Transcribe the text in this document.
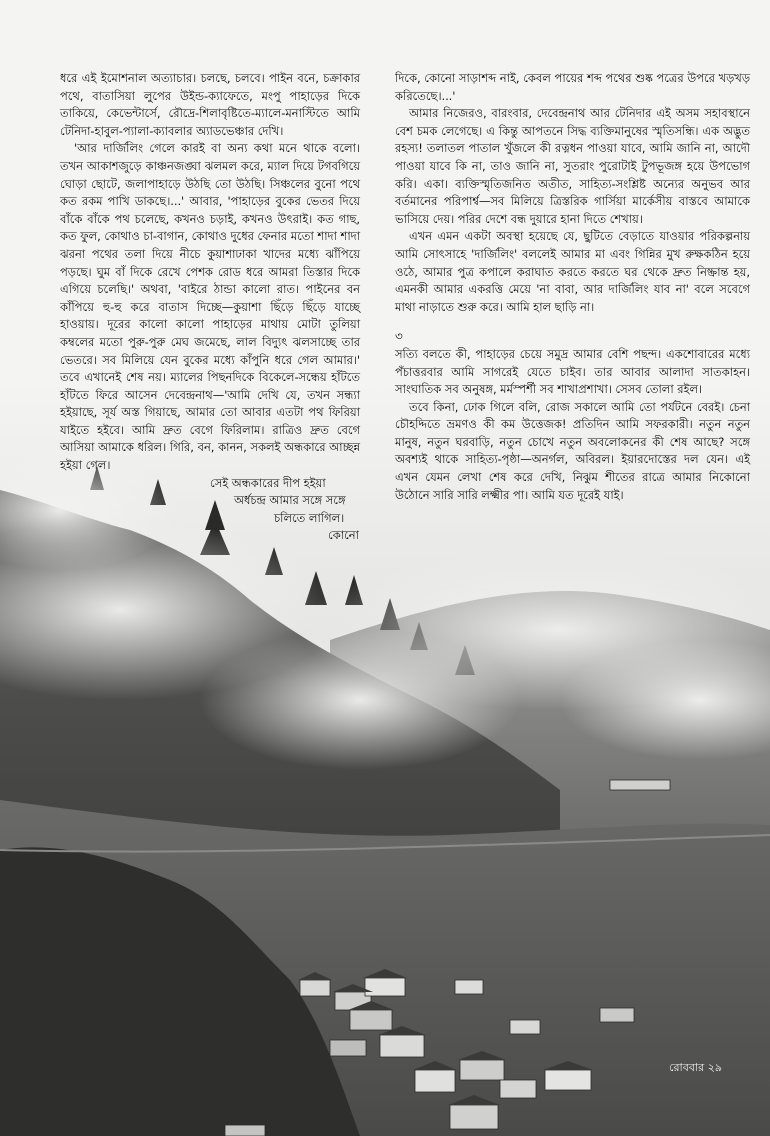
ধরে এই ইমোশনাল অত্যাচার। চলছে, চলবে। পাইন বনে, চক্রাকার পথে, বাতাসিয়া লুপের উইন্ড-ক্যাফেতে, মংপু পাহাড়ের দিকে তাকিয়ে, কেভেন্টার্সে, রৌদ্রে-শিলাবৃষ্টিতে-ম্যালে-মনাস্টিতে আমি টেনিদা-হাবুল-প্যালা-ক্যাবলার অ্যাডভেঞ্চার দেখি।

'আর দার্জিলিং গেলে কারই বা অন্য কথা মনে থাকে বলো। তখন আকাশজুড়ে কাঞ্চনজঙ্ঘা ঝলমল করে, ম্যাল দিয়ে টগবগিয়ে ঘোড়া ছোটে, জলাপাহাড়ে উঠছি তো উঠছি। সিঞ্চলের বুনো পথে কত রকম পাখি ডাকছে।...' আবার, 'পাহাড়ের বুকের ভেতর দিয়ে বাঁকে বাঁকে পথ চলেছে, কখনও চড়াই, কখনও উৎরাই। কত গাছ, কত ফুল, কোথাও চা-বাগান, কোথাও দুধের ফেনার মতো শাদা শাদা ঝরনা পথের তলা দিয়ে নীচে কুয়াশাঢাকা খাদের মধ্যে ঝাঁপিয়ে পড়ছে। ঘুম বাঁ দিকে রেখে পেশক রোড ধরে আমরা তিস্তার দিকে এগিয়ে চলেছি।' অথবা, 'বাইরে ঠান্ডা কালো রাত। পাইনের বন কাঁপিয়ে হু-হু করে বাতাস দিচ্ছে—কুয়াশা ছিঁড়ে ছিঁড়ে যাচ্ছে হাওয়ায়। দূরের কালো কালো পাহাড়ের মাথায় মোটা তুলিয়া কম্বলের মতো পুরু-পুরু মেঘ জমেছে, লাল বিদ্যুৎ ঝলসাচ্ছে তার ভেতরে। সব মিলিয়ে যেন বুকের মধ্যে কাঁপুনি ধরে গেল আমার।' তবে এখানেই শেষ নয়। ম্যালের পিছনদিকে বিকেলে-সন্ধেয় হাঁটতে হাঁটতে ফিরে আসেন দেবেন্দ্রনাথ—'আমি দেখি যে, তখন সন্ধ্যা হইয়াছে, সূর্য অস্ত গিয়াছে, আমার তো আবার এতটা পথ ফিরিয়া যাইতে হইবে। আমি দ্রুত বেগে ফিরিলাম। রাত্রিও দ্রুত বেগে আসিয়া আমাকে ধরিল। গিরি, বন, কানন, সকলই অন্ধকারে আচ্ছন্ন হইয়া গেল।

সেই অন্ধকারের দীপ হইয়া
অর্ধচন্দ্র আমার সঙ্গে সঙ্গে
চলিতে লাগিল।
কোনো

দিকে, কোনো সাড়াশব্দ নাই, কেবল পায়ের শব্দ পথের শুষ্ক পত্রের উপরে খড়খড় করিতেছে।...'

আমার নিজেরও, বারংবার, দেবেন্দ্রনাথ আর টেনিদার এই অসম সহাবস্থানে বেশ চমক লেগেছে। এ কিন্তু আপতনে সিদ্ধ ব্যক্তিমানুষের স্মৃতিসন্ধি। এক অদ্ভুত রহস্য! তলাতল পাতাল খুঁজলে কী রত্নধন পাওয়া যাবে, আমি জানি না, আদৌ পাওয়া যাবে কি না, তাও জানি না, সুতরাং পুরোটাই টুপভূজঙ্গ হয়ে উপভোগ করি। একা। ব্যক্তিস্মৃতিজনিত অতীত, সাহিত্য-সংশ্লিষ্ট অন্যের অনুভব আর বর্তমানের পরিপার্শ্ব—সব মিলিয়ে ত্রিস্তরিক গার্সিয়া মার্কেসীয় বাস্তবে আমাকে ভাসিয়ে দেয়। পরির দেশে বন্ধ দুয়ারে হানা দিতে শেখায়।

এখন এমন একটা অবস্থা হয়েছে যে, ছুটিতে বেড়াতে যাওয়ার পরিকল্পনায় আমি সোৎসাহে 'দার্জিলিং' বললেই আমার মা এবং গিন্নির মুখ রুক্ষকঠিন হয়ে ওঠে, আমার পুত্র কপালে করাঘাত করতে করতে ঘর থেকে দ্রুত নিষ্ক্রান্ত হয়, এমনকী আমার একরত্তি মেয়ে 'না বাবা, আর দার্জিলিং যাব না' বলে সবেগে মাথা নাড়াতে শুরু করে। আমি হাল ছাড়ি না।

৩

সত্যি বলতে কী, পাহাড়ের চেয়ে সমুদ্র আমার বেশি পছন্দ। একশোবারের মধ্যে পঁচাত্তরবার আমি সাগরেই যেতে চাইব। তার আবার আলাদা সাতকাহন। সাংঘাতিক সব অনুষঙ্গ, মর্মস্পর্শী সব শাখাপ্রশাখা। সেসব তোলা রইল।

তবে কিনা, ঢোক গিলে বলি, রোজ সকালে আমি তো পর্যটনে বেরই। চেনা চৌহদ্দিতে ভ্রমণও কী কম উত্তেজক! প্রতিদিন আমি সফরকারী। নতুন নতুন মানুষ, নতুন ঘরবাড়ি, নতুন চোখে নতুন অবলোকনের কী শেষ আছে? সঙ্গে অবশ্যই থাকে সাহিত্য-পৃষ্ঠা—অনর্গল, অবিরল। ইয়ারদোস্তের দল যেন। এই এখন যেমন লেখা শেষ করে দেখি, নিঝুম শীতের রাত্রে আমার নিকোনো উঠোনে সারি সারি লক্ষ্মীর পা। আমি যত দূরেই যাই।

রোববার ২৯
